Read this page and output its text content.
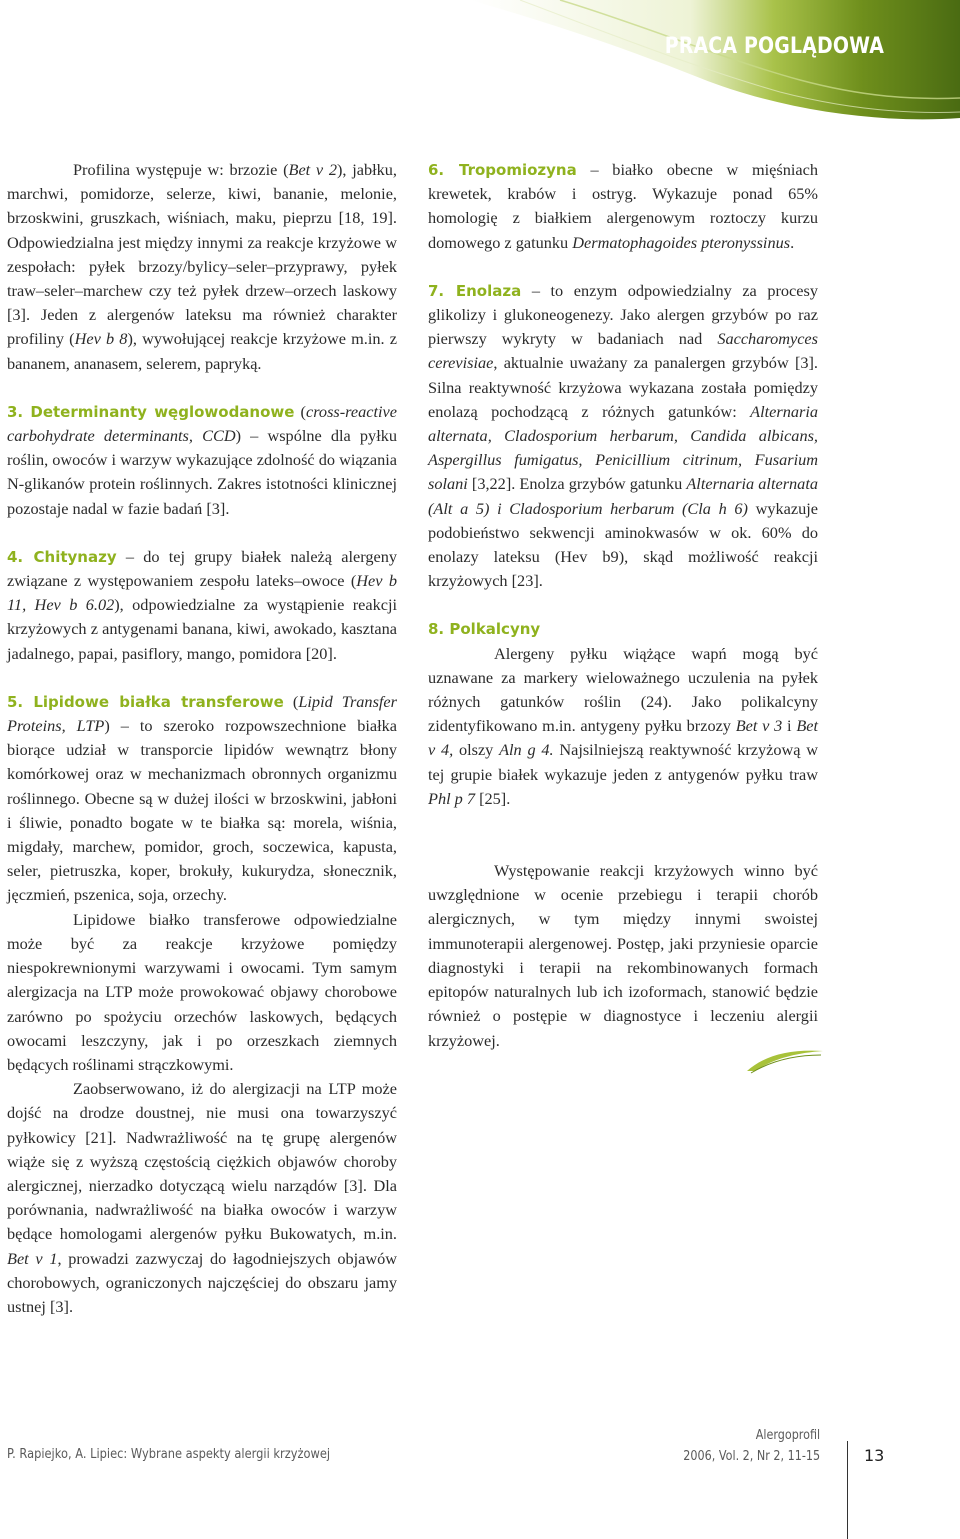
PRACA POGLĄDOWA

Profilina występuje w: brzozie (Bet v 2), jabłku, marchwi, pomidorze, selerze, kiwi, bananie, melonie, brzoskwini, gruszkach, wiśniach, maku, pieprzu [18, 19]. Odpowiedzialna jest między innymi za reakcje krzyżowe w zespołach: pyłek brzozy/bylicy–seler–przyprawy, pyłek traw–seler–marchew czy też pyłek drzew–orzech laskowy [3]. Jeden z alergenów lateksu ma również charakter profiliny (Hev b 8), wywołującej reakcje krzyżowe m.in. z bananem, ananasem, selerem, papryką.

3. Determinanty węglowodanowe (cross-reactive carbohydrate determinants, CCD) – wspólne dla pyłku roślin, owoców i warzyw wykazujące zdolność do wiązania N-glikanów protein roślinnych. Zakres istotności klinicznej pozostaje nadal w fazie badań [3].

4. Chitynazy – do tej grupy białek należą alergeny związane z występowaniem zespołu lateks–owoce (Hev b 11, Hev b 6.02), odpowiedzialne za wystąpienie reakcji krzyżowych z antygenami banana, kiwi, awokado, kasztana jadalnego, papai, pasiflory, mango, pomidora [20].

5. Lipidowe białka transferowe (Lipid Transfer Proteins, LTP) – to szeroko rozpowszechnione białka biorące udział w transporcie lipidów wewnątrz błony komórkowej oraz w mechanizmach obronnych organizmu roślinnego. Obecne są w dużej ilości w brzoskwini, jabłoni i śliwie, ponadto bogate w te białka są: morela, wiśnia, migdały, marchew, pomidor, groch, soczewica, kapusta, seler, pietruszka, koper, brokuły, kukurydza, słonecznik, jęczmień, pszenica, soja, orzechy.

Lipidowe białko transferowe odpowiedzialne może być za reakcje krzyżowe pomiędzy niespokrewnionymi warzywami i owocami. Tym samym alergizacja na LTP może prowokować objawy chorobowe zarówno po spożyciu orzechów laskowych, będących owocami leszczyny, jak i po orzeszkach ziemnych będących roślinami strączkowymi.

Zaobserwowano, iż do alergizacji na LTP może dojść na drodze doustnej, nie musi ona towarzyszyć pyłkowicy [21]. Nadwrażliwość na tę grupę alergenów wiąże się z wyższą częstością ciężkich objawów choroby alergicznej, nierzadko dotyczącą wielu narządów [3]. Dla porównania, nadwrażliwość na białka owoców i warzyw będące homologami alergenów pyłku Bukowatych, m.in. Bet v 1, prowadzi zazwyczaj do łagodniejszych objawów chorobowych, ograniczonych najczęściej do obszaru jamy ustnej [3].

6. Tropomiozyna – białko obecne w mięśniach krewetek, krabów i ostryg. Wykazuje ponad 65% homologię z białkiem alergenowym roztoczy kurzu domowego z gatunku Dermatophagoides pteronyssinus.

7. Enolaza – to enzym odpowiedzialny za procesy glikolizy i glukoneogenezy. Jako alergen grzybów po raz pierwszy wykryty w badaniach nad Saccharomyces cerevisiae, aktualnie uważany za panalergen grzybów [3]. Silna reaktywność krzyżowa wykazana została pomiędzy enolazą pochodzącą z różnych gatunków: Alternaria alternata, Cladosporium herbarum, Candida albicans, Aspergillus fumigatus, Penicillium citrinum, Fusarium solani [3,22]. Enolza grzybów gatunku Alternaria alternata (Alt a 5) i Cladosporium herbarum (Cla h 6) wykazuje podobieństwo sekwencji aminokwasów w ok. 60% do enolazy lateksu (Hev b9), skąd możliwość reakcji krzyżowych [23].

8. Polkalcyny

Alergeny pyłku wiążące wapń mogą być uznawane za markery wieloważnego uczulenia na pyłek różnych gatunków roślin (24). Jako polikalcyny zidentyfikowano m.in. antygeny pyłku brzozy Bet v 3 i Bet v 4, olszy Aln g 4. Najsilniejszą reaktywność krzyżową w tej grupie białek wykazuje jeden z antygenów pyłku traw Phl p 7 [25].

Występowanie reakcji krzyżowych winno być uwzględnione w ocenie przebiegu i terapii chorób alergicznych, w tym między innymi swoistej immunoterapii alergenowej. Postęp, jaki przyniesie oparcie diagnostyki i terapii na rekombinowanych formach epitopów naturalnych lub ich izoformach, stanowić będzie również o postępie w diagnostyce i leczeniu alergii krzyżowej.

P. Rapiejko, A. Lipiec: Wybrane aspekty alergii krzyżowej
Alergoprofil
2006, Vol. 2, Nr 2, 11-15	13
